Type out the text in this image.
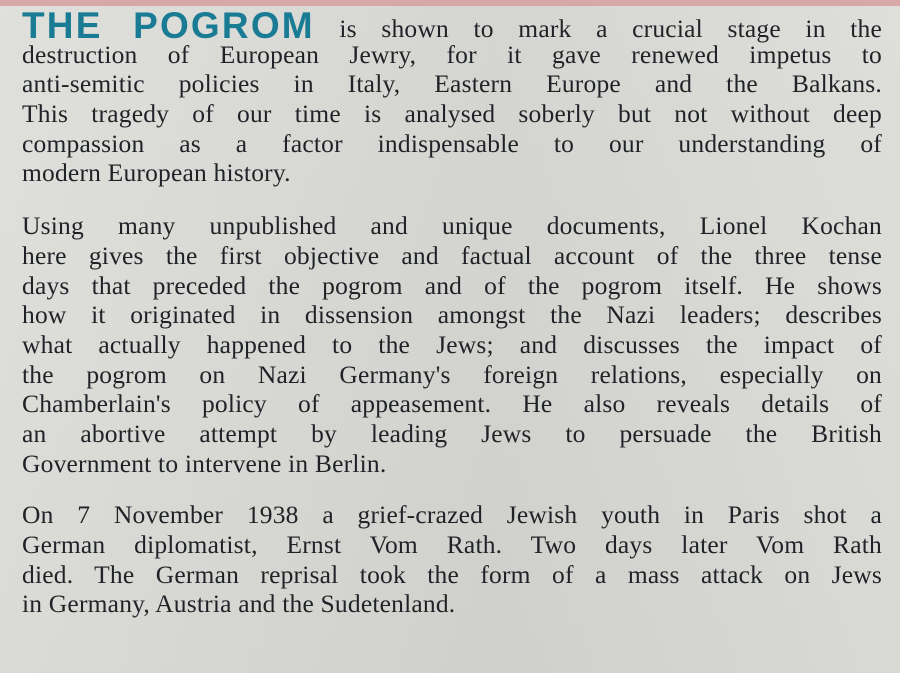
THE POGROM is shown to mark a crucial stage in the
destruction of European Jewry, for it gave renewed impetus to
anti-semitic policies in Italy, Eastern Europe and the Balkans.
This tragedy of our time is analysed soberly but not without deep
compassion as a factor indispensable to our understanding of
modern European history.
Using many unpublished and unique documents, Lionel Kochan
here gives the first objective and factual account of the three tense
days that preceded the pogrom and of the pogrom itself. He shows
how it originated in dissension amongst the Nazi leaders; describes
what actually happened to the Jews; and discusses the impact of
the pogrom on Nazi Germany's foreign relations, especially on
Chamberlain's policy of appeasement. He also reveals details of
an abortive attempt by leading Jews to persuade the British
Government to intervene in Berlin.
On 7 November 1938 a grief-crazed Jewish youth in Paris shot a
German diplomatist, Ernst Vom Rath. Two days later Vom Rath
died. The German reprisal took the form of a mass attack on Jews
in Germany, Austria and the Sudetenland.
